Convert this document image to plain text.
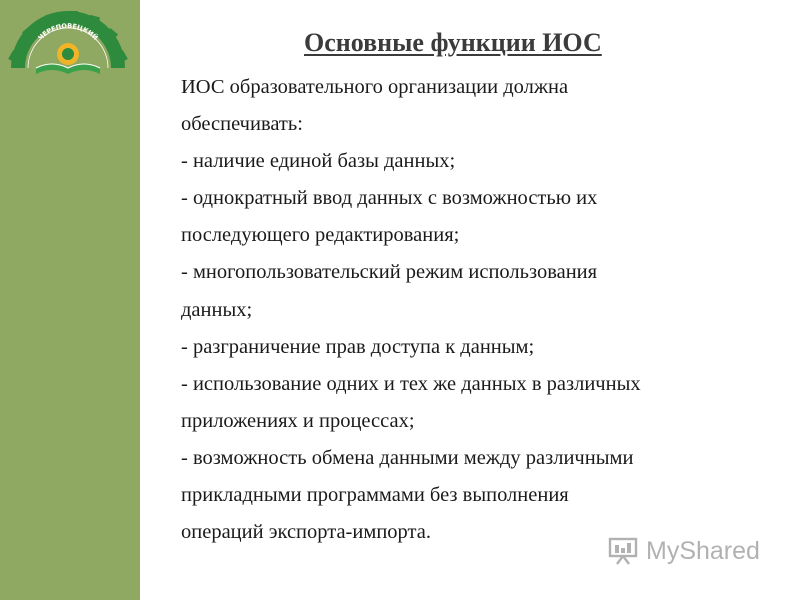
ЧЕРЕПОВЕЦКИЙ	Основные функции ИОС
ИОС образовательного организации должна
обеспечивать:
- наличие единой базы данных;
- однократный ввод данных с возможностью их
последующего редактирования;
- многопользовательский режим использования
данных;
- разграничение прав доступа к данным;
- использование одних и тех же данных в различных
приложениях и процессах;
- возможность обмена данными между различными
прикладными программами без выполнения
операций экспорта-импорта.
MyShared
